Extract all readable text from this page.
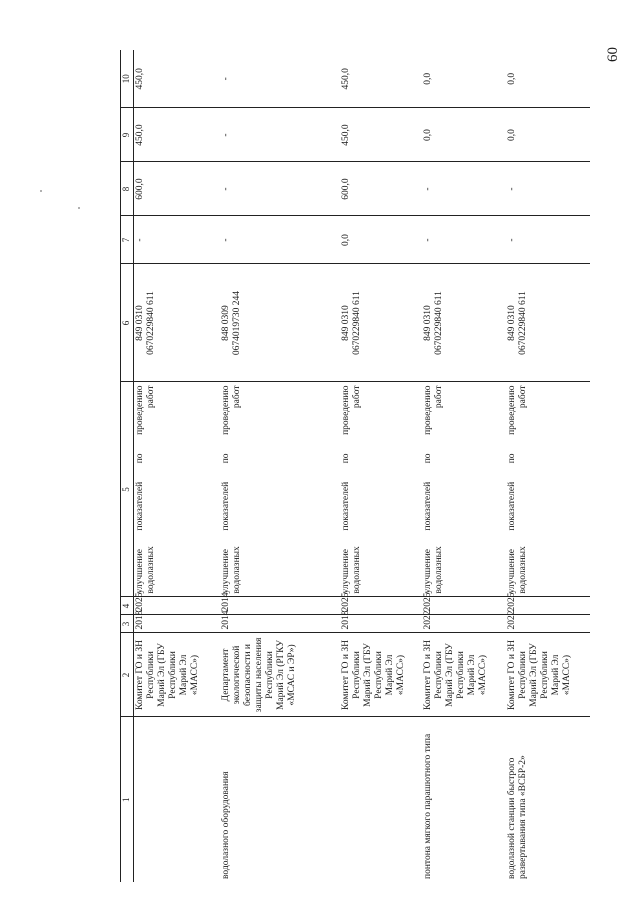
60
1	2	3	4	5	6	7	8	9	10
	Комитет ГО и ЗН Республики Марий Эл (ГБУ Республики Марий Эл «МАСС»)	2018	2025	улучшение показателей по проведению водолазных работ	849 0310 0670229840 611	-	600,0	450,0	450,0
водолазного оборудования	Департамент экологической безопасности и защиты населения Республики Марий Эл (РГКУ «МСАС и ЭР»)	2014	2014	улучшение показателей по проведению водолазных работ	848 0309 0674019730 244	-	-	-	-
	Комитет ГО и ЗН Республики Марий Эл (ГБУ Республики Марий Эл «МАСС»)	2018	2025	улучшение показателей по проведению водолазных работ	849 0310 0670229840 611	0,0	600,0	450,0	450,0
понтона мягкого парашютного типа	Комитет ГО и ЗН Республики Марий Эл (ГБУ Республики Марий Эл «МАСС»)	2022	2025	улучшение показателей по проведению водолазных работ	849 0310 0670229840 611	-	-	0,0	0,0
водолазной станции быстрого развертывания типа «ВСБР-2»	Комитет ГО и ЗН Республики Марий Эл (ГБУ Республики Марий Эл «МАСС»)	2022	2025	улучшение показателей по проведению водолазных работ	849 0310 0670229840 611	-	-	0,0	0,0
